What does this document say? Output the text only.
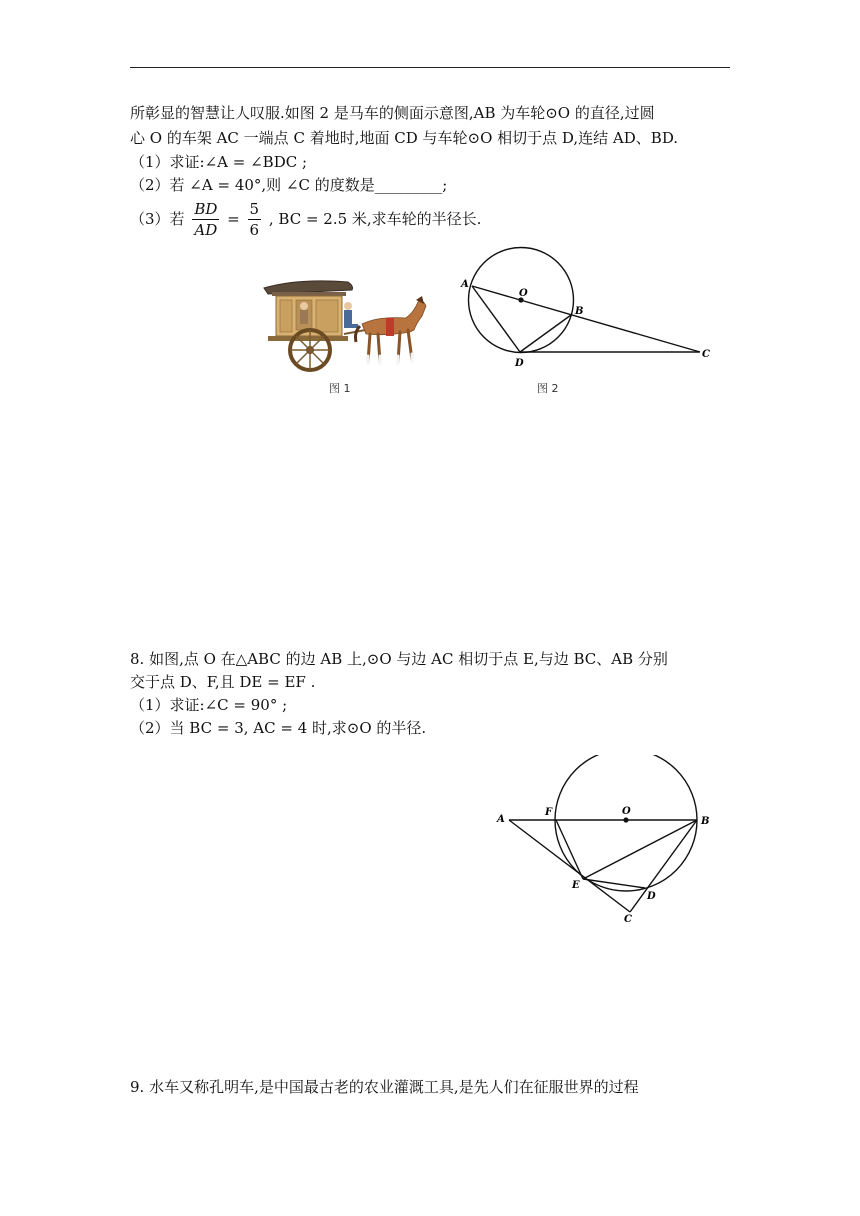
所彰显的智慧让人叹服.如图 2 是马车的侧面示意图,AB 为车轮⊙O 的直径,过圆
心 O 的车架 AC 一端点 C 着地时,地面 CD 与车轮⊙O 相切于点 D,连结 AD、BD.
（1）求证:∠A = ∠BDC ;
（2）若 ∠A = 40°,则 ∠C 的度数是_________;
（3）若 $\frac{BD}{AD} = \frac{5}{6}$ , BC = 2.5 米,求车轮的半径长.
图 1
A
O
B
D
C
图 2
8. 如图,点 O 在△ABC 的边 AB 上,⊙O 与边 AC 相切于点 E,与边 BC、AB 分别
交于点 D、F,且 DE = EF .
（1）求证:∠C = 90° ;
（2）当 BC = 3, AC = 4 时,求⊙O 的半径.
A
F	O
B
E
D
C
9. 水车又称孔明车,是中国最古老的农业灌溉工具,是先人们在征服世界的过程
